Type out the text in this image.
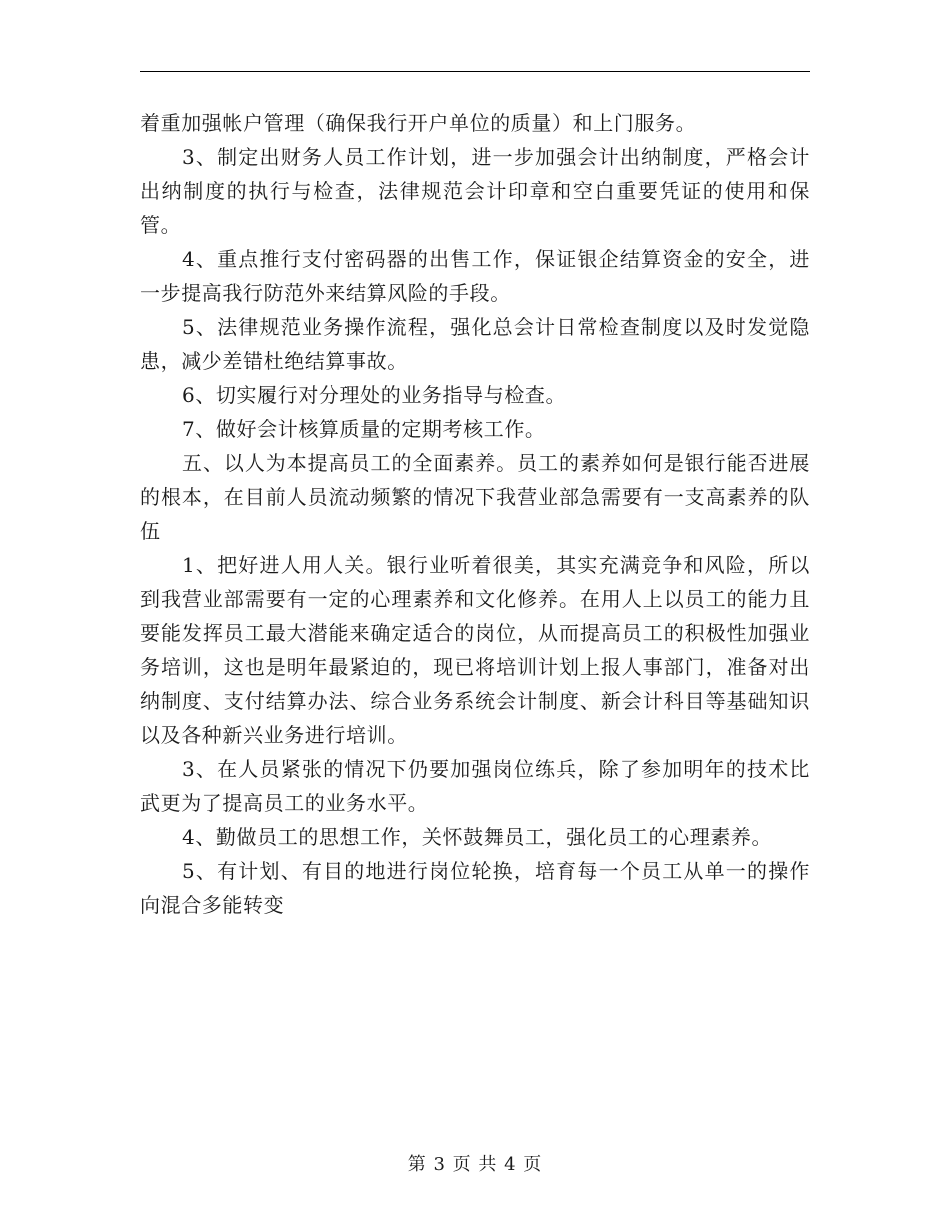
着重加强帐户管理（确保我行开户单位的质量）和上门服务。

3、制定出财务人员工作计划，进一步加强会计出纳制度，严格会计出纳制度的执行与检查，法律规范会计印章和空白重要凭证的使用和保管。

4、重点推行支付密码器的出售工作，保证银企结算资金的安全，进一步提高我行防范外来结算风险的手段。

5、法律规范业务操作流程，强化总会计日常检查制度以及时发觉隐患，减少差错杜绝结算事故。

6、切实履行对分理处的业务指导与检查。

7、做好会计核算质量的定期考核工作。

五、以人为本提高员工的全面素养。员工的素养如何是银行能否进展的根本，在目前人员流动频繁的情况下我营业部急需要有一支高素养的队伍

1、把好进人用人关。银行业听着很美，其实充满竞争和风险，所以到我营业部需要有一定的心理素养和文化修养。在用人上以员工的能力且要能发挥员工最大潜能来确定适合的岗位，从而提高员工的积极性加强业务培训，这也是明年最紧迫的，现已将培训计划上报人事部门，准备对出纳制度、支付结算办法、综合业务系统会计制度、新会计科目等基础知识以及各种新兴业务进行培训。

3、在人员紧张的情况下仍要加强岗位练兵，除了参加明年的技术比武更为了提高员工的业务水平。

4、勤做员工的思想工作，关怀鼓舞员工，强化员工的心理素养。

5、有计划、有目的地进行岗位轮换，培育每一个员工从单一的操作向混合多能转变

第 3 页 共 4 页
